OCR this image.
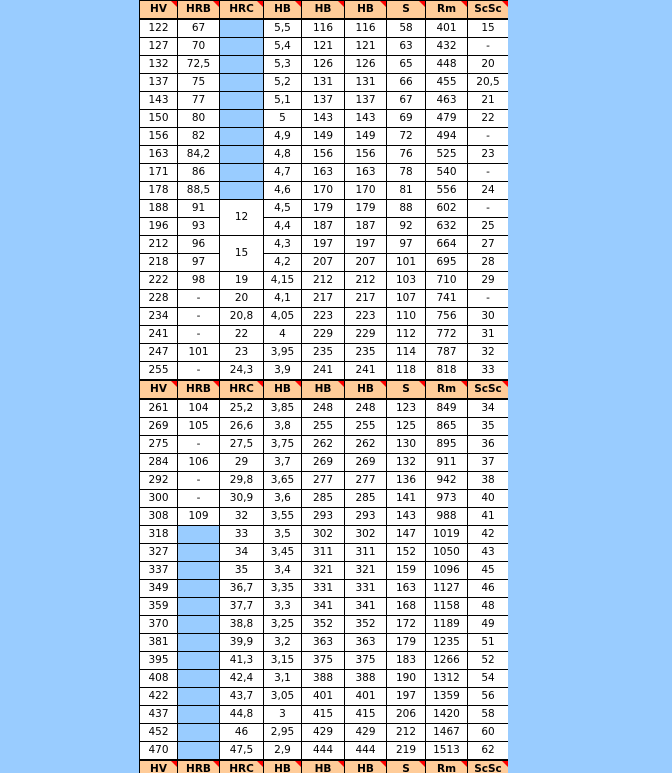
HV	HRB	HRC	HB	HB	HB	S	Rm	ScSc
122	67		5,5	116	116	58	401	15
127	70		5,4	121	121	63	432	-
132	72,5		5,3	126	126	65	448	20
137	75		5,2	131	131	66	455	20,5
143	77		5,1	137	137	67	463	21
150	80		5	143	143	69	479	22
156	82		4,9	149	149	72	494	-
163	84,2		4,8	156	156	76	525	23
171	86		4,7	163	163	78	540	-
178	88,5		4,6	170	170	81	556	24
188	91	12	4,5	179	179	88	602	-
196	93		4,4	187	187	92	632	25
212	96	15	4,3	197	197	97	664	27
218	97		4,2	207	207	101	695	28
222	98	19	4,15	212	212	103	710	29
228	-	20	4,1	217	217	107	741	-
234	-	20,8	4,05	223	223	110	756	30
241	-	22	4	229	229	112	772	31
247	101	23	3,95	235	235	114	787	32
255	-	24,3	3,9	241	241	118	818	33
HV	HRB	HRC	HB	HB	HB	S	Rm	ScSc
261	104	25,2	3,85	248	248	123	849	34
269	105	26,6	3,8	255	255	125	865	35
275	-	27,5	3,75	262	262	130	895	36
284	106	29	3,7	269	269	132	911	37
292	-	29,8	3,65	277	277	136	942	38
300	-	30,9	3,6	285	285	141	973	40
308	109	32	3,55	293	293	143	988	41
318		33	3,5	302	302	147	1019	42
327		34	3,45	311	311	152	1050	43
337		35	3,4	321	321	159	1096	45
349		36,7	3,35	331	331	163	1127	46
359		37,7	3,3	341	341	168	1158	48
370		38,8	3,25	352	352	172	1189	49
381		39,9	3,2	363	363	179	1235	51
395		41,3	3,15	375	375	183	1266	52
408		42,4	3,1	388	388	190	1312	54
422		43,7	3,05	401	401	197	1359	56
437		44,8	3	415	415	206	1420	58
452		46	2,95	429	429	212	1467	60
470		47,5	2,9	444	444	219	1513	62
HV	HRB	HRC	HB	HB	HB	S	Rm	ScSc
